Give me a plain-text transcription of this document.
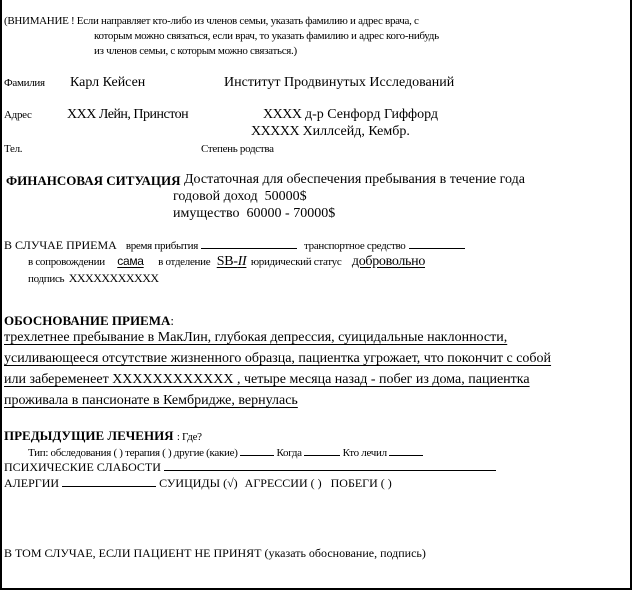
(ВНИМАНИЕ ! Если направляет кто-либо из членов семьи, указать фамилию и адрес врача, с
которым можно связаться, если врач, то указать фамилию и адрес кого-нибудь
из членов семьи, с которым можно связаться.)
Фамилия Карл Кейсен	Институт Продвинутых Исследований
Адрес	XXX Лейн, Принстон	XXXX д-р Сенфорд Гиффорд
XXXXX Хиллсейд, Кембр.
Тел.	Степень родства
ФИНАНСОВАЯ СИТУАЦИЯ Достаточная для обеспечения пребывания в течение года
годовой доход 50000$
имущество 60000 - 70000$
В СЛУЧАЕ ПРИЕМА время прибытия	транспортное средство
в сопровождении сама в отделение SB-II юридический статус добровольно
подпись XXXXXXXXXXX
ОБОСНОВАНИЕ ПРИЕМА:
трехлетнее пребывание в МакЛин, глубокая депрессия, суицидальные наклонности,
усиливающееся отсутствие жизненного образца, пациентка угрожает, что покончит с собой
или забеременеет XXXXXXXXXXXX , четыре месяца назад - побег из дома, пациентка
проживала в пансионате в Кембридже, вернулась
ПРЕДЫДУЩИЕ ЛЕЧЕНИЯ : Где?
Тип: обследования ( ) терапия ( ) другие (какие)	Когда	Кто лечил
ПСИХИЧЕСКИЕ СЛАБОСТИ
АЛЕРГИИ	СУИЦИДЫ (√) АГРЕССИИ ( ) ПОБЕГИ ( )
В ТОМ СЛУЧАЕ, ЕСЛИ ПАЦИЕНТ НЕ ПРИНЯТ (указать обоснование, подпись)
